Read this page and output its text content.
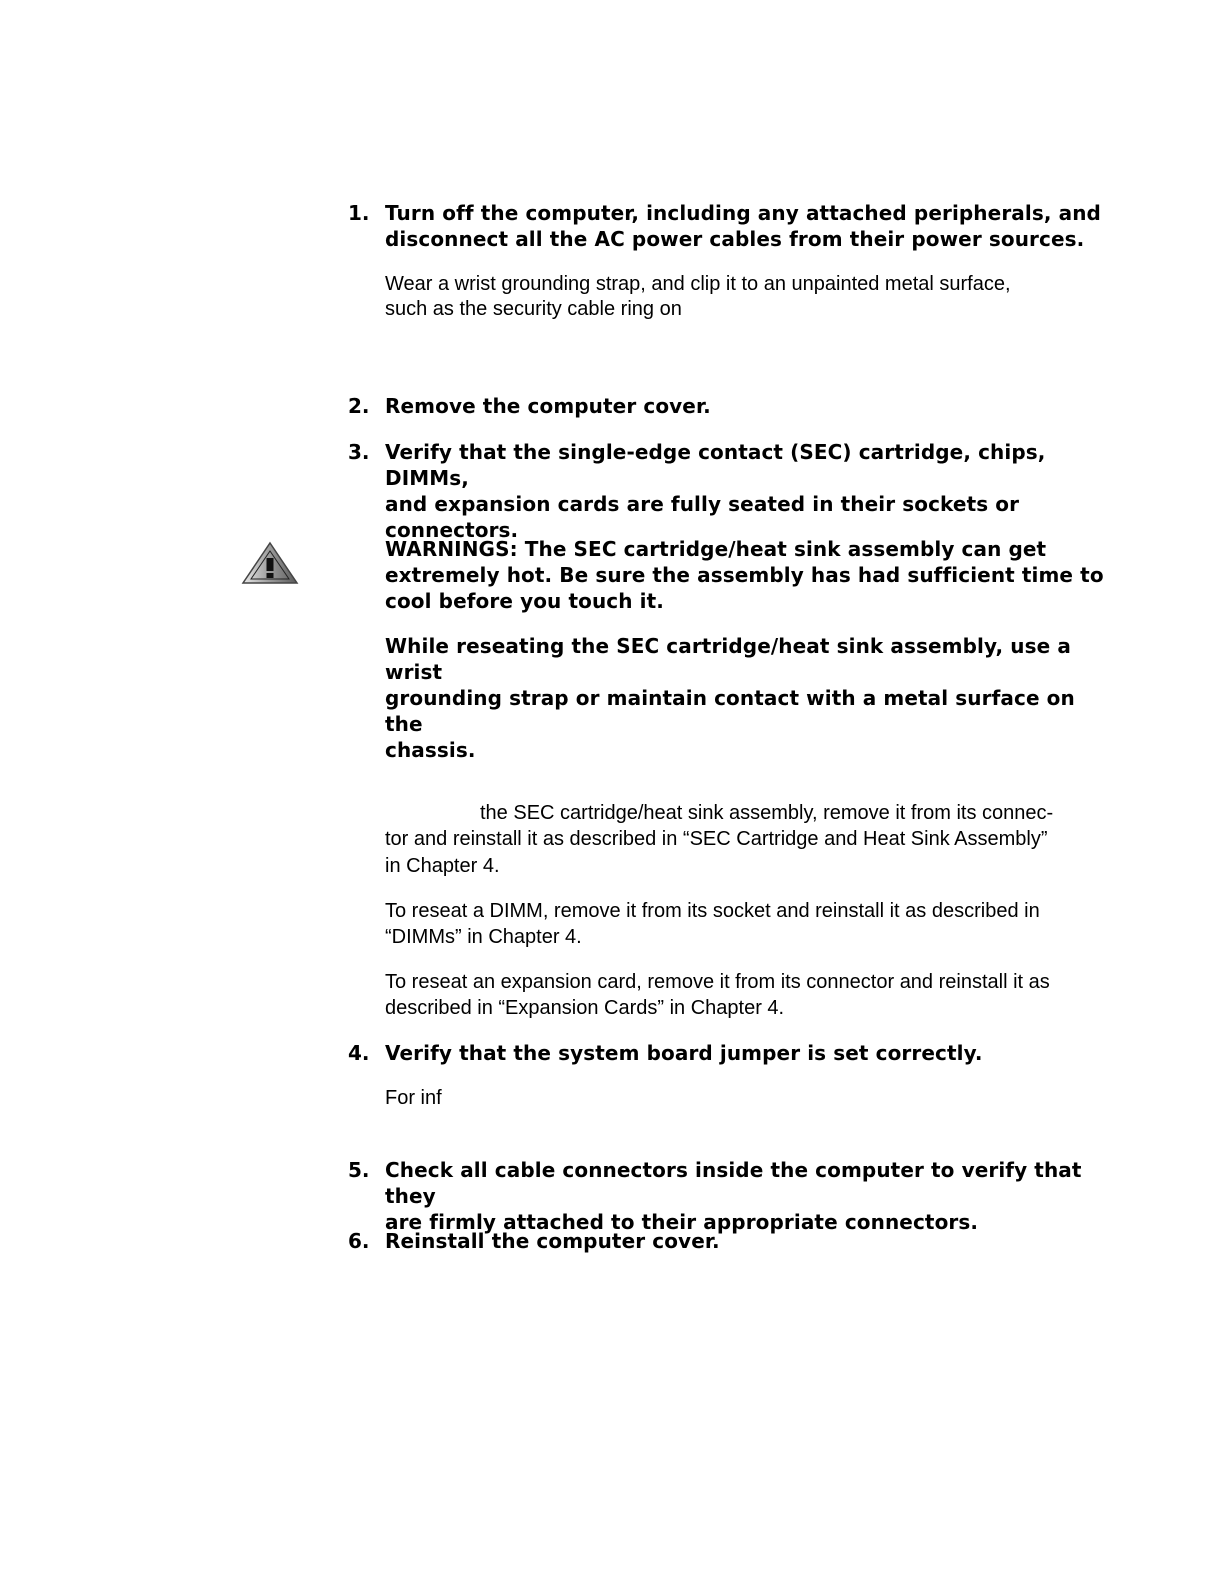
1. Turn off the computer, including any attached peripherals, and
disconnect all the AC power cables from their power sources.
Wear a wrist grounding strap, and clip it to an unpainted metal surface,
such as the security cable ring on
2. Remove the computer cover.
3. Verify that the single-edge contact (SEC) cartridge, chips, DIMMs,
and expansion cards are fully seated in their sockets or
connectors.
WARNINGS: The SEC cartridge/heat sink assembly can get
extremely hot. Be sure the assembly has had sufficient time to
cool before you touch it.
While reseating the SEC cartridge/heat sink assembly, use a wrist
grounding strap or maintain contact with a metal surface on the
chassis.
the SEC cartridge/heat sink assembly, remove it from its connec-
tor and reinstall it as described in “SEC Cartridge and Heat Sink Assembly”
in Chapter 4.
To reseat a DIMM, remove it from its socket and reinstall it as described in
“DIMMs” in Chapter 4.
To reseat an expansion card, remove it from its connector and reinstall it as
described in “Expansion Cards” in Chapter 4.
4. Verify that the system board jumper is set correctly.
For inf
5. Check all cable connectors inside the computer to verify that they
are firmly attached to their appropriate connectors.
6. Reinstall the computer cover.
